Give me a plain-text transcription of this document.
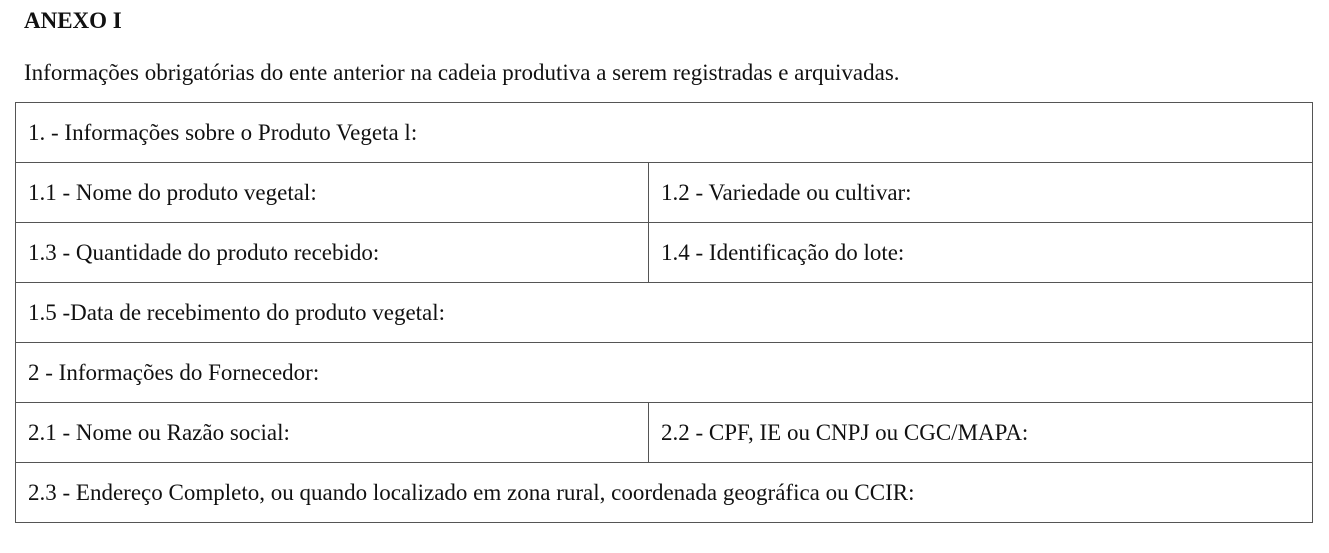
ANEXO I
Informações obrigatórias do ente anterior na cadeia produtiva a serem registradas e arquivadas.
1. - Informações sobre o Produto Vegeta l:	
1.1 - Nome do produto vegetal:	1.2 - Variedade ou cultivar:
1.3 - Quantidade do produto recebido:	1.4 - Identificação do lote:
1.5 -Data de recebimento do produto vegetal:	
2 - Informações do Fornecedor:	
2.1 - Nome ou Razão social:	2.2 - CPF, IE ou CNPJ ou CGC/MAPA:
2.3 - Endereço Completo, ou quando localizado em zona rural, coordenada geográfica ou CCIR:	
